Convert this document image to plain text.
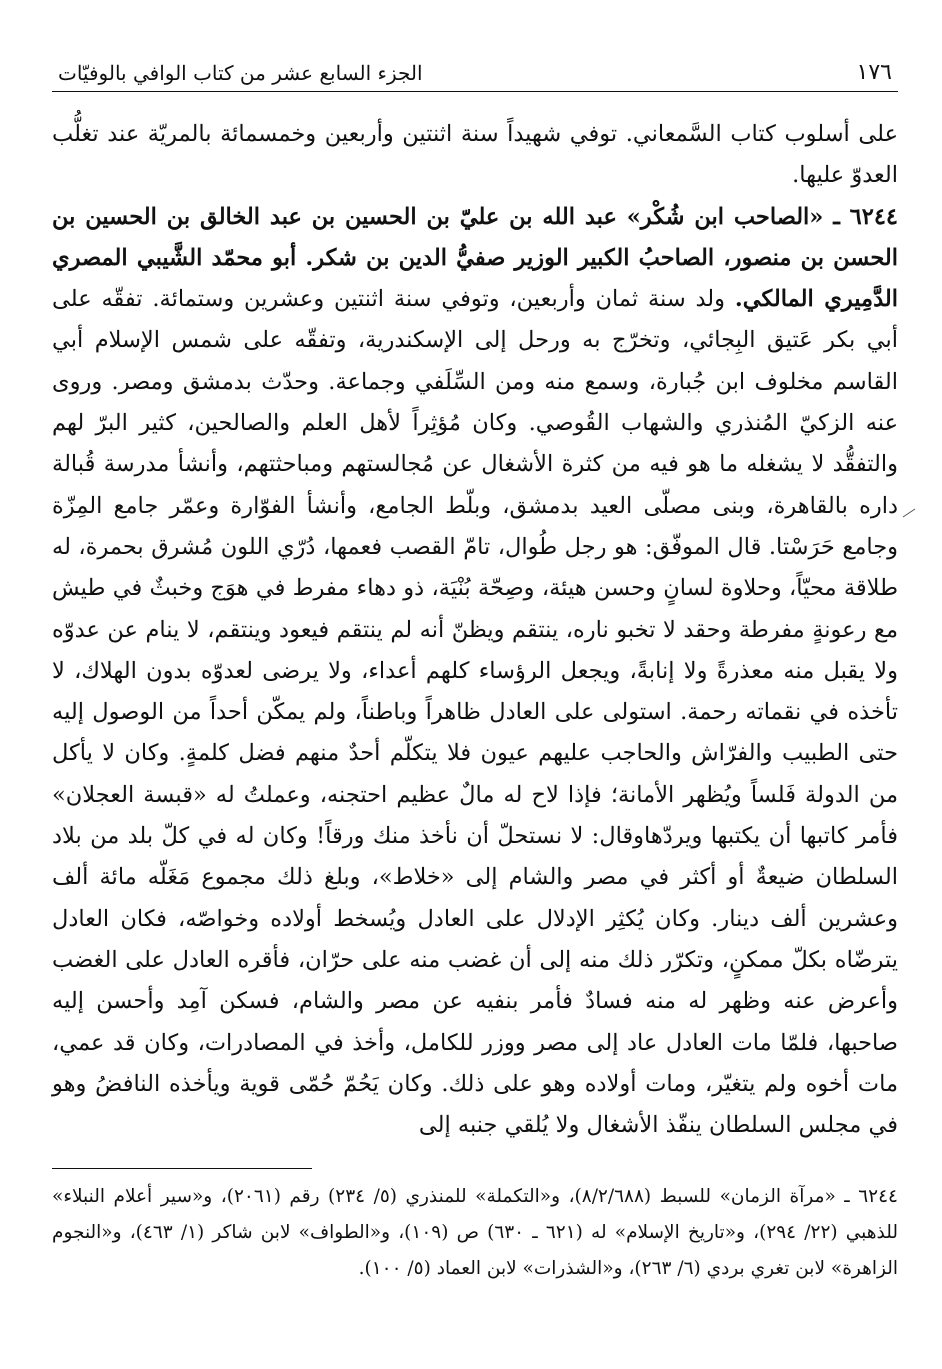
١٧٦
الجزء السابع عشر من كتاب الوافي بالوفيّات

على أسلوب كتاب السَّمعاني. توفي شهيداً سنة اثنتين وأربعين وخمسمائة بالمريّة عند تغلُّب العدوّ عليها.

٦٢٤٤ ـ «الصاحب ابن شُكْر» عبد الله بن عليّ بن الحسين بن عبد الخالق بن الحسين بن الحسن بن منصور، الصاحبُ الكبير الوزير صفيُّ الدين بن شكر. أبو محمّد الشَّيبي المصري الدَّمِيري المالكي. ولد سنة ثمان وأربعين، وتوفي سنة اثنتين وعشرين وستمائة. تفقّه على أبي بكر عَتيق البِجائي، وتخرّج به ورحل إلى الإسكندرية، وتفقّه على شمس الإسلام أبي القاسم مخلوف ابن جُبارة، وسمع منه ومن السِّلَفي وجماعة. وحدّث بدمشق ومصر. وروى عنه الزكيّ المُنذري والشهاب القُوصي. وكان مُؤثِراً لأهل العلم والصالحين، كثير البرّ لهم والتفقُّد لا يشغله ما هو فيه من كثرة الأشغال عن مُجالستهم ومباحثتهم، وأنشأ مدرسة قُبالة داره بالقاهرة، وبنى مصلّى العيد بدمشق، وبلّط الجامع، وأنشأ الفوّارة وعمّر جامع المِزّة وجامع حَرَسْتا. قال الموفّق: هو رجل طُوال، تامّ القصب فعمها، دُرّي اللون مُشرق بحمرة، له طلاقة محيّاً، وحلاوة لسانٍ وحسن هيئة، وصِحّة بُنْيَة، ذو دهاء مفرط في هوَج وخبثٌ في طيش مع رعونةٍ مفرطة وحقد لا تخبو ناره، ينتقم ويظنّ أنه لم ينتقم فيعود وينتقم، لا ينام عن عدوّه ولا يقبل منه معذرةً ولا إنابةً، ويجعل الرؤساء كلهم أعداء، ولا يرضى لعدوّه بدون الهلاك، لا تأخذه في نقماته رحمة. استولى على العادل ظاهراً وباطناً، ولم يمكّن أحداً من الوصول إليه حتى الطبيب والفرّاش والحاجب عليهم عيون فلا يتكلّم أحدٌ منهم فضل كلمةٍ. وكان لا يأكل من الدولة فَلساً ويُظهر الأمانة؛ فإذا لاح له مالٌ عظيم احتجنه، وعملتُ له «قبسة العجلان» فأمر كاتبها أن يكتبها ويردّهاوقال: لا نستحلّ أن نأخذ منك ورقاً! وكان له في كلّ بلد من بلاد السلطان ضيعةٌ أو أكثر في مصر والشام إلى «خلاط»، وبلغ ذلك مجموع مَغَلّه مائة ألف وعشرين ألف دينار. وكان يُكثِر الإدلال على العادل ويُسخط أولاده وخواصّه، فكان العادل يترضّاه بكلّ ممكنٍ، وتكرّر ذلك منه إلى أن غضب منه على حرّان، فأقره العادل على الغضب وأعرض عنه وظهر له منه فسادٌ فأمر بنفيه عن مصر والشام، فسكن آمِد وأحسن إليه صاحبها، فلمّا مات العادل عاد إلى مصر ووزر للكامل، وأخذ في المصادرات، وكان قد عمي، مات أخوه ولم يتغيّر، ومات أولاده وهو على ذلك. وكان يَحُمّ حُمّى قوية ويأخذه النافضُ وهو في مجلس السلطان ينفّذ الأشغال ولا يُلقي جنبه إلى

٦٢٤٤ ـ «مرآة الزمان» للسبط (٨/٢/٦٨٨)، و«التكملة» للمنذري (٥/ ٢٣٤) رقم (٢٠٦١)، و«سير أعلام النبلاء» للذهبي (٢٢/ ٢٩٤)، و«تاريخ الإسلام» له (٦٢١ ـ ٦٣٠) ص (١٠٩)، و«الطواف» لابن شاكر (١/ ٤٦٣)، و«النجوم الزاهرة» لابن تغري بردي (٦/ ٢٦٣)، و«الشذرات» لابن العماد (٥/ ١٠٠).
